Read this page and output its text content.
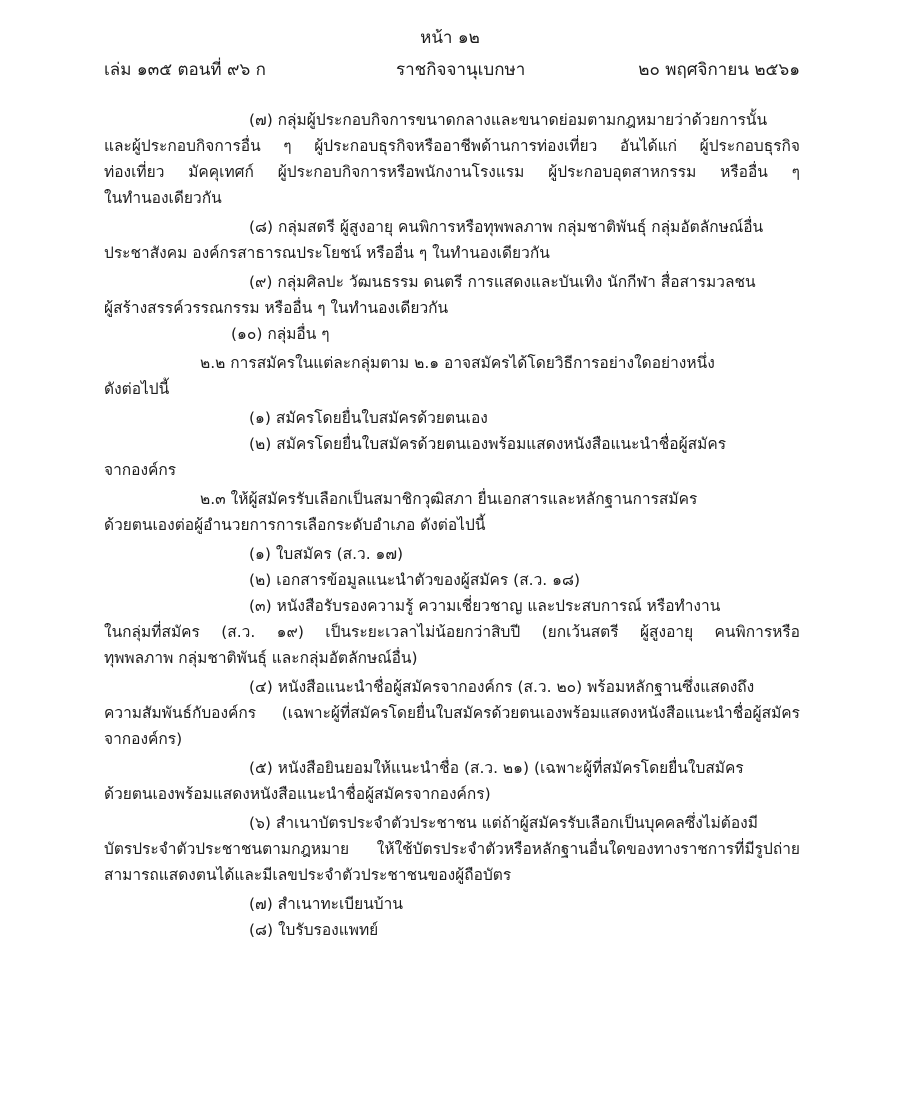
หน้า ๑๒
เล่ม ๑๓๕ ตอนที่ ๙๖ ก	ราชกิจจานุเบกษา	๒๐ พฤศจิกายน ๒๕๖๑
(๗) กลุ่มผู้ประกอบกิจการขนาดกลางและขนาดย่อมตามกฎหมายว่าด้วยการนั้น
และผู้ประกอบกิจการอื่น ๆ ผู้ประกอบธุรกิจหรืออาชีพด้านการท่องเที่ยว อันได้แก่ ผู้ประกอบธุรกิจ
ท่องเที่ยว มัคคุเทศก์ ผู้ประกอบกิจการหรือพนักงานโรงแรม ผู้ประกอบอุตสาหกรรม หรืออื่น ๆ
ในทำนองเดียวกัน
(๘) กลุ่มสตรี ผู้สูงอายุ คนพิการหรือทุพพลภาพ กลุ่มชาติพันธุ์ กลุ่มอัตลักษณ์อื่น
ประชาสังคม องค์กรสาธารณประโยชน์ หรืออื่น ๆ ในทำนองเดียวกัน
(๙) กลุ่มศิลปะ วัฒนธรรม ดนตรี การแสดงและบันเทิง นักกีฬา สื่อสารมวลชน
ผู้สร้างสรรค์วรรณกรรม หรืออื่น ๆ ในทำนองเดียวกัน
(๑๐) กลุ่มอื่น ๆ
๒.๒ การสมัครในแต่ละกลุ่มตาม ๒.๑ อาจสมัครได้โดยวิธีการอย่างใดอย่างหนึ่ง
ดังต่อไปนี้
(๑) สมัครโดยยื่นใบสมัครด้วยตนเอง
(๒) สมัครโดยยื่นใบสมัครด้วยตนเองพร้อมแสดงหนังสือแนะนำชื่อผู้สมัคร
จากองค์กร
๒.๓ ให้ผู้สมัครรับเลือกเป็นสมาชิกวุฒิสภา ยื่นเอกสารและหลักฐานการสมัคร
ด้วยตนเองต่อผู้อำนวยการการเลือกระดับอำเภอ ดังต่อไปนี้
(๑) ใบสมัคร (ส.ว. ๑๗)
(๒) เอกสารข้อมูลแนะนำตัวของผู้สมัคร (ส.ว. ๑๘)
(๓) หนังสือรับรองความรู้ ความเชี่ยวชาญ และประสบการณ์ หรือทำงาน
ในกลุ่มที่สมัคร (ส.ว. ๑๙) เป็นระยะเวลาไม่น้อยกว่าสิบปี (ยกเว้นสตรี ผู้สูงอายุ คนพิการหรือ
ทุพพลภาพ กลุ่มชาติพันธุ์ และกลุ่มอัตลักษณ์อื่น)
(๔) หนังสือแนะนำชื่อผู้สมัครจากองค์กร (ส.ว. ๒๐) พร้อมหลักฐานซึ่งแสดงถึง
ความสัมพันธ์กับองค์กร (เฉพาะผู้ที่สมัครโดยยื่นใบสมัครด้วยตนเองพร้อมแสดงหนังสือแนะนำชื่อผู้สมัคร
จากองค์กร)
(๕) หนังสือยินยอมให้แนะนำชื่อ (ส.ว. ๒๑) (เฉพาะผู้ที่สมัครโดยยื่นใบสมัคร
ด้วยตนเองพร้อมแสดงหนังสือแนะนำชื่อผู้สมัครจากองค์กร)
(๖) สำเนาบัตรประจำตัวประชาชน แต่ถ้าผู้สมัครรับเลือกเป็นบุคคลซึ่งไม่ต้องมี
บัตรประจำตัวประชาชนตามกฎหมาย ให้ใช้บัตรประจำตัวหรือหลักฐานอื่นใดของทางราชการที่มีรูปถ่าย
สามารถแสดงตนได้และมีเลขประจำตัวประชาชนของผู้ถือบัตร
(๗) สำเนาทะเบียนบ้าน
(๘) ใบรับรองแพทย์
